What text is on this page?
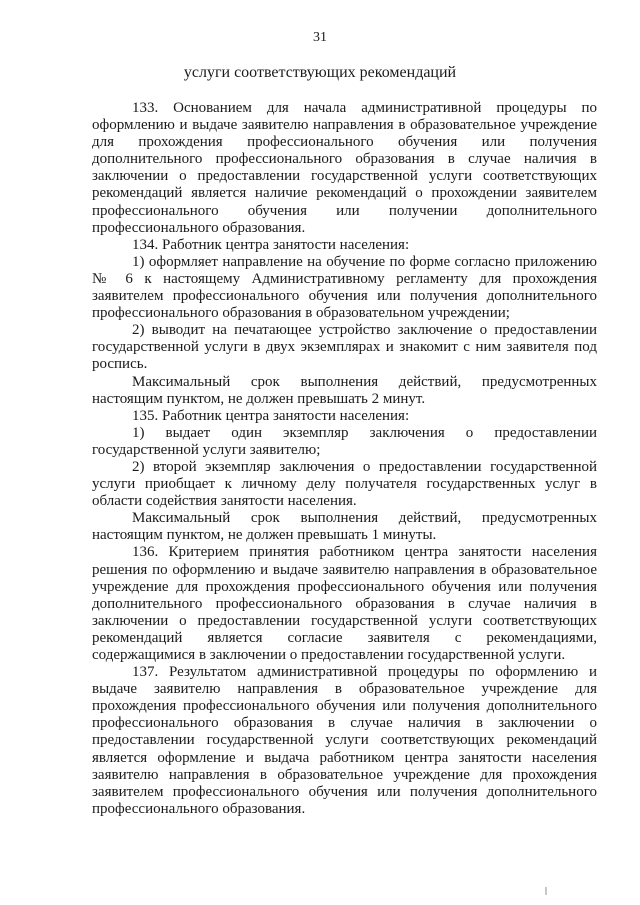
31
услуги соответствующих рекомендаций

133. Основанием для начала административной процедуры по оформлению и выдаче заявителю направления в образовательное учреждение для прохождения профессионального обучения или получения дополнительного профессионального образования в случае наличия в заключении о предоставлении государственной услуги соответствующих рекомендаций является наличие рекомендаций о прохождении заявителем профессионального обучения или получении дополнительного профессионального образования.

134. Работник центра занятости населения:

1) оформляет направление на обучение по форме согласно приложению № 6 к настоящему Административному регламенту для прохождения заявителем профессионального обучения или получения дополнительного профессионального образования в образовательном учреждении;

2) выводит на печатающее устройство заключение о предоставлении государственной услуги в двух экземплярах и знакомит с ним заявителя под роспись.

Максимальный срок выполнения действий, предусмотренных настоящим пунктом, не должен превышать 2 минут.

135. Работник центра занятости населения:

1) выдает один экземпляр заключения о предоставлении государственной услуги заявителю;

2) второй экземпляр заключения о предоставлении государственной услуги приобщает к личному делу получателя государственных услуг в области содействия занятости населения.

Максимальный срок выполнения действий, предусмотренных настоящим пунктом, не должен превышать 1 минуты.

136. Критерием принятия работником центра занятости населения решения по оформлению и выдаче заявителю направления в образовательное учреждение для прохождения профессионального обучения или получения дополнительного профессионального образования в случае наличия в заключении о предоставлении государственной услуги соответствующих рекомендаций является согласие заявителя с рекомендациями, содержащимися в заключении о предоставлении государственной услуги.

137. Результатом административной процедуры по оформлению и выдаче заявителю направления в образовательное учреждение для прохождения профессионального обучения или получения дополнительного профессионального образования в случае наличия в заключении о предоставлении государственной услуги соответствующих рекомендаций является оформление и выдача работником центра занятости населения заявителю направления в образовательное учреждение для прохождения заявителем профессионального обучения или получения дополнительного профессионального образования.
